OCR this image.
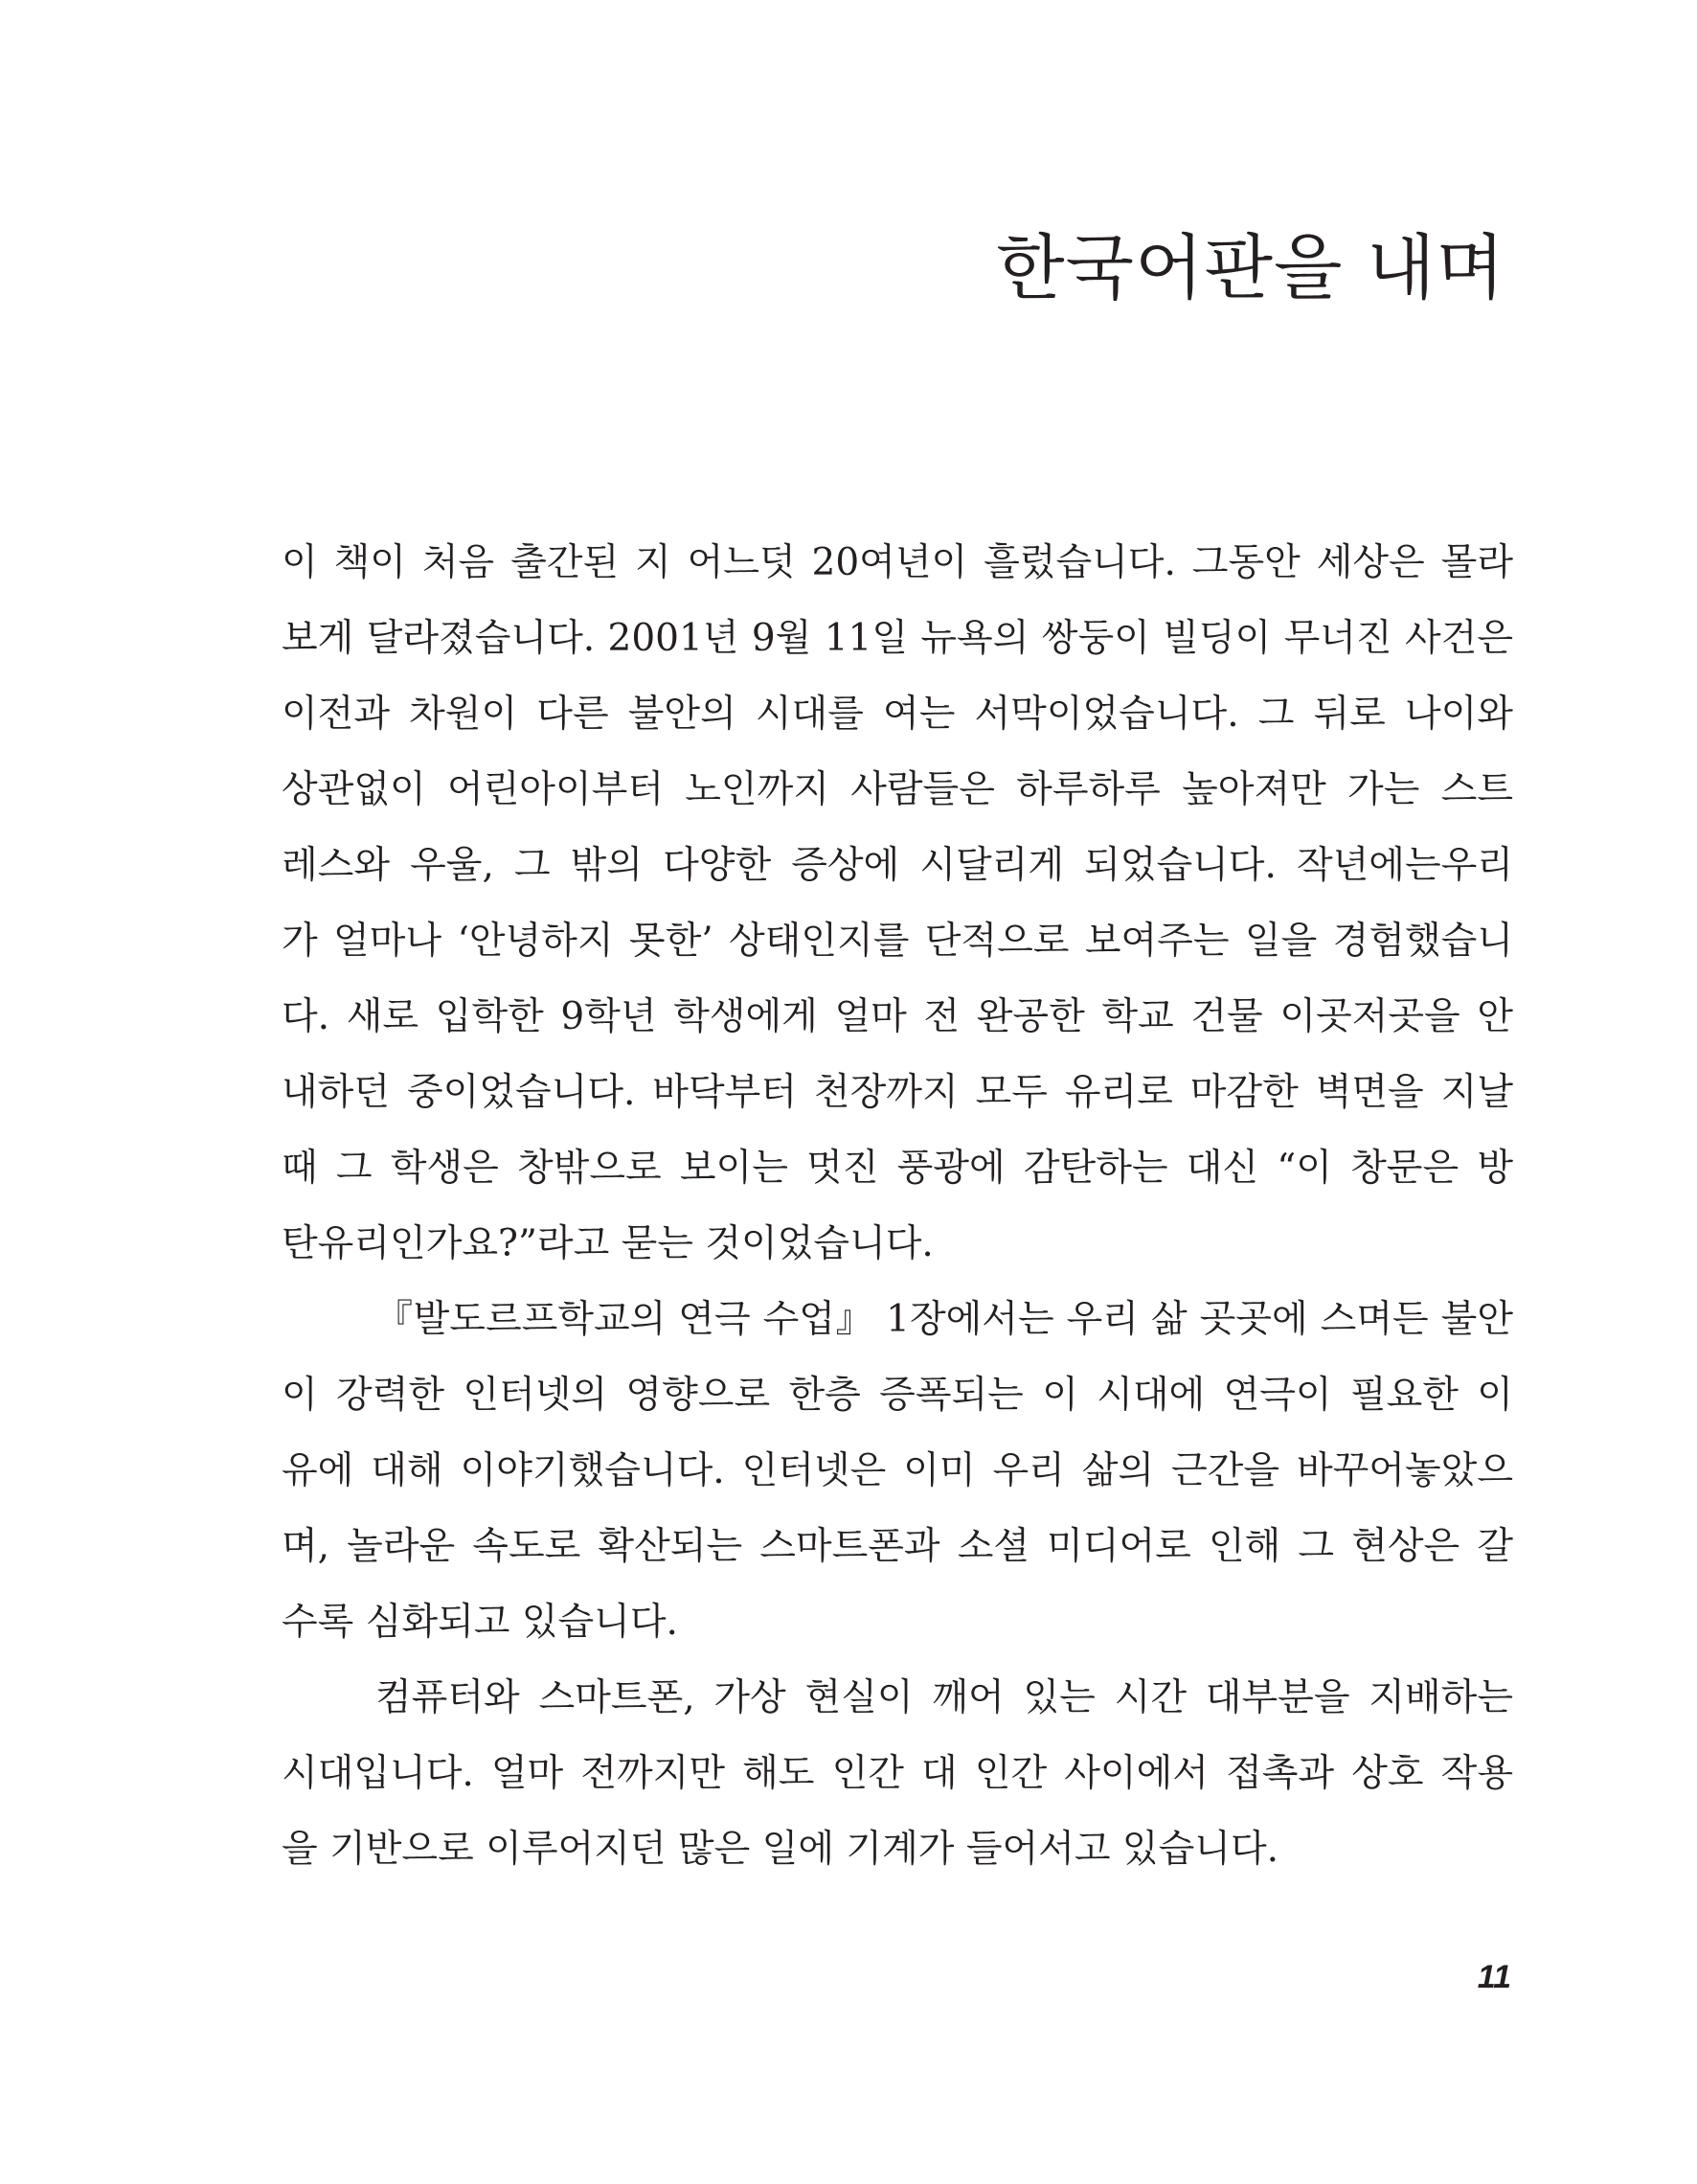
한국어판을 내며
이 책이 처음 출간된 지 어느덧 20여년이 흘렀습니다. 그동안 세상은 몰라
보게 달라졌습니다. 2001년 9월 11일 뉴욕의 쌍둥이 빌딩이 무너진 사건은
이전과 차원이 다른 불안의 시대를 여는 서막이었습니다. 그 뒤로 나이와
상관없이 어린아이부터 노인까지 사람들은 하루하루 높아져만 가는 스트
레스와 우울, 그 밖의 다양한 증상에 시달리게 되었습니다. 작년에는우리
가 얼마나 ‘안녕하지 못한’ 상태인지를 단적으로 보여주는 일을 경험했습니
다. 새로 입학한 9학년 학생에게 얼마 전 완공한 학교 건물 이곳저곳을 안
내하던 중이었습니다. 바닥부터 천장까지 모두 유리로 마감한 벽면을 지날
때 그 학생은 창밖으로 보이는 멋진 풍광에 감탄하는 대신 “이 창문은 방
탄유리인가요?”라고 묻는 것이었습니다.
『발도르프학교의 연극 수업』 1장에서는 우리 삶 곳곳에 스며든 불안
이 강력한 인터넷의 영향으로 한층 증폭되는 이 시대에 연극이 필요한 이
유에 대해 이야기했습니다. 인터넷은 이미 우리 삶의 근간을 바꾸어놓았으
며, 놀라운 속도로 확산되는 스마트폰과 소셜 미디어로 인해 그 현상은 갈
수록 심화되고 있습니다.
컴퓨터와 스마트폰, 가상 현실이 깨어 있는 시간 대부분을 지배하는
시대입니다. 얼마 전까지만 해도 인간 대 인간 사이에서 접촉과 상호 작용
을 기반으로 이루어지던 많은 일에 기계가 들어서고 있습니다.
11
